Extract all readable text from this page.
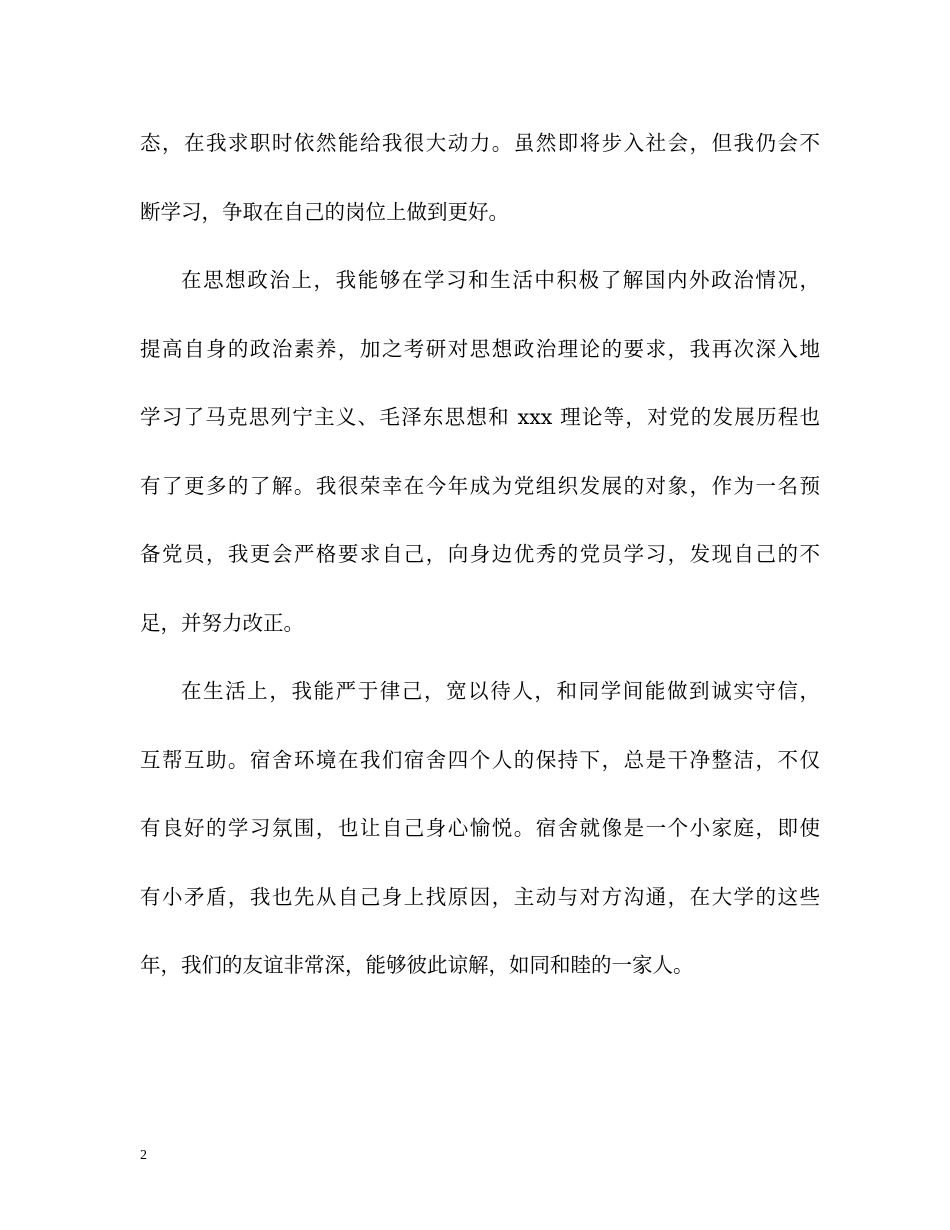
态，在我求职时依然能给我很大动力。虽然即将步入社会，但我仍会不
断学习，争取在自己的岗位上做到更好。
在思想政治上，我能够在学习和生活中积极了解国内外政治情况，
提高自身的政治素养，加之考研对思想政治理论的要求，我再次深入地
学习了马克思列宁主义、毛泽东思想和 xxx 理论等，对党的发展历程也
有了更多的了解。我很荣幸在今年成为党组织发展的对象，作为一名预
备党员，我更会严格要求自己，向身边优秀的党员学习，发现自己的不
足，并努力改正。
在生活上，我能严于律己，宽以待人，和同学间能做到诚实守信，
互帮互助。宿舍环境在我们宿舍四个人的保持下，总是干净整洁，不仅
有良好的学习氛围，也让自己身心愉悦。宿舍就像是一个小家庭，即使
有小矛盾，我也先从自己身上找原因，主动与对方沟通，在大学的这些
年，我们的友谊非常深，能够彼此谅解，如同和睦的一家人。
2
